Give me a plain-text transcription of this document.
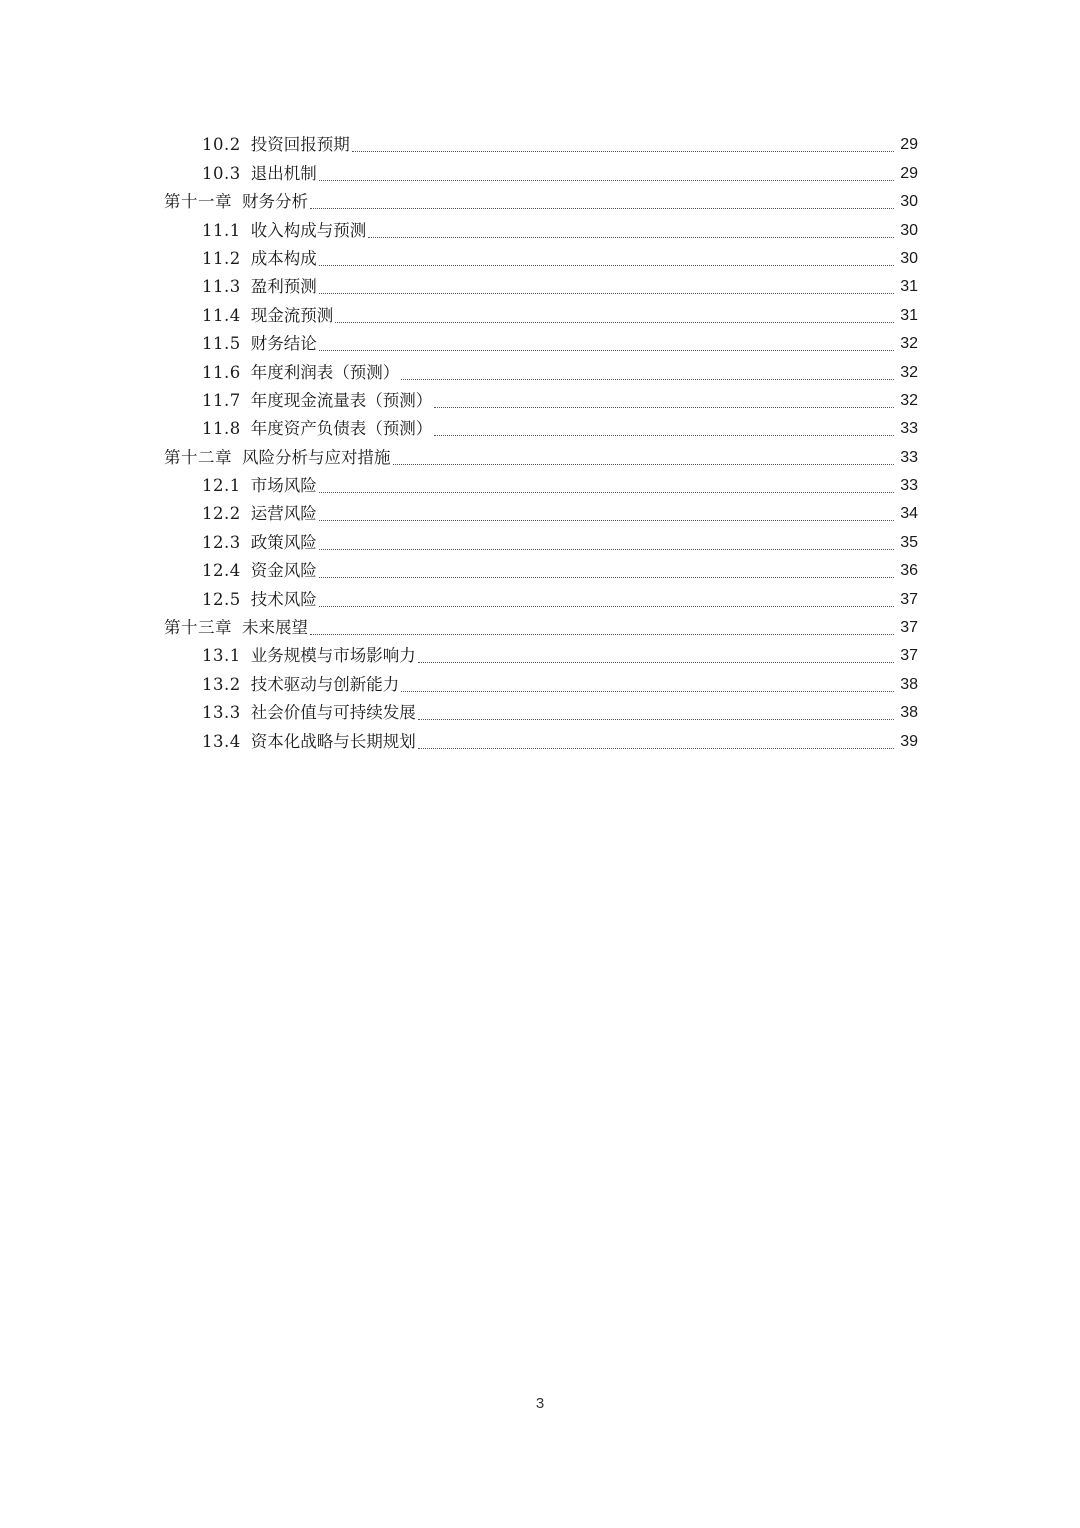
10.2 投资回报预期	29
10.3 退出机制	29
第十一章 财务分析	30
11.1 收入构成与预测	30
11.2 成本构成	30
11.3 盈利预测	31
11.4 现金流预测	31
11.5 财务结论	32
11.6 年度利润表（预测）	32
11.7 年度现金流量表（预测）	32
11.8 年度资产负债表（预测）	33
第十二章 风险分析与应对措施	33
12.1 市场风险	33
12.2 运营风险	34
12.3 政策风险	35
12.4 资金风险	36
12.5 技术风险	37
第十三章 未来展望	37
13.1 业务规模与市场影响力	37
13.2 技术驱动与创新能力	38
13.3 社会价值与可持续发展	38
13.4 资本化战略与长期规划	39
3
